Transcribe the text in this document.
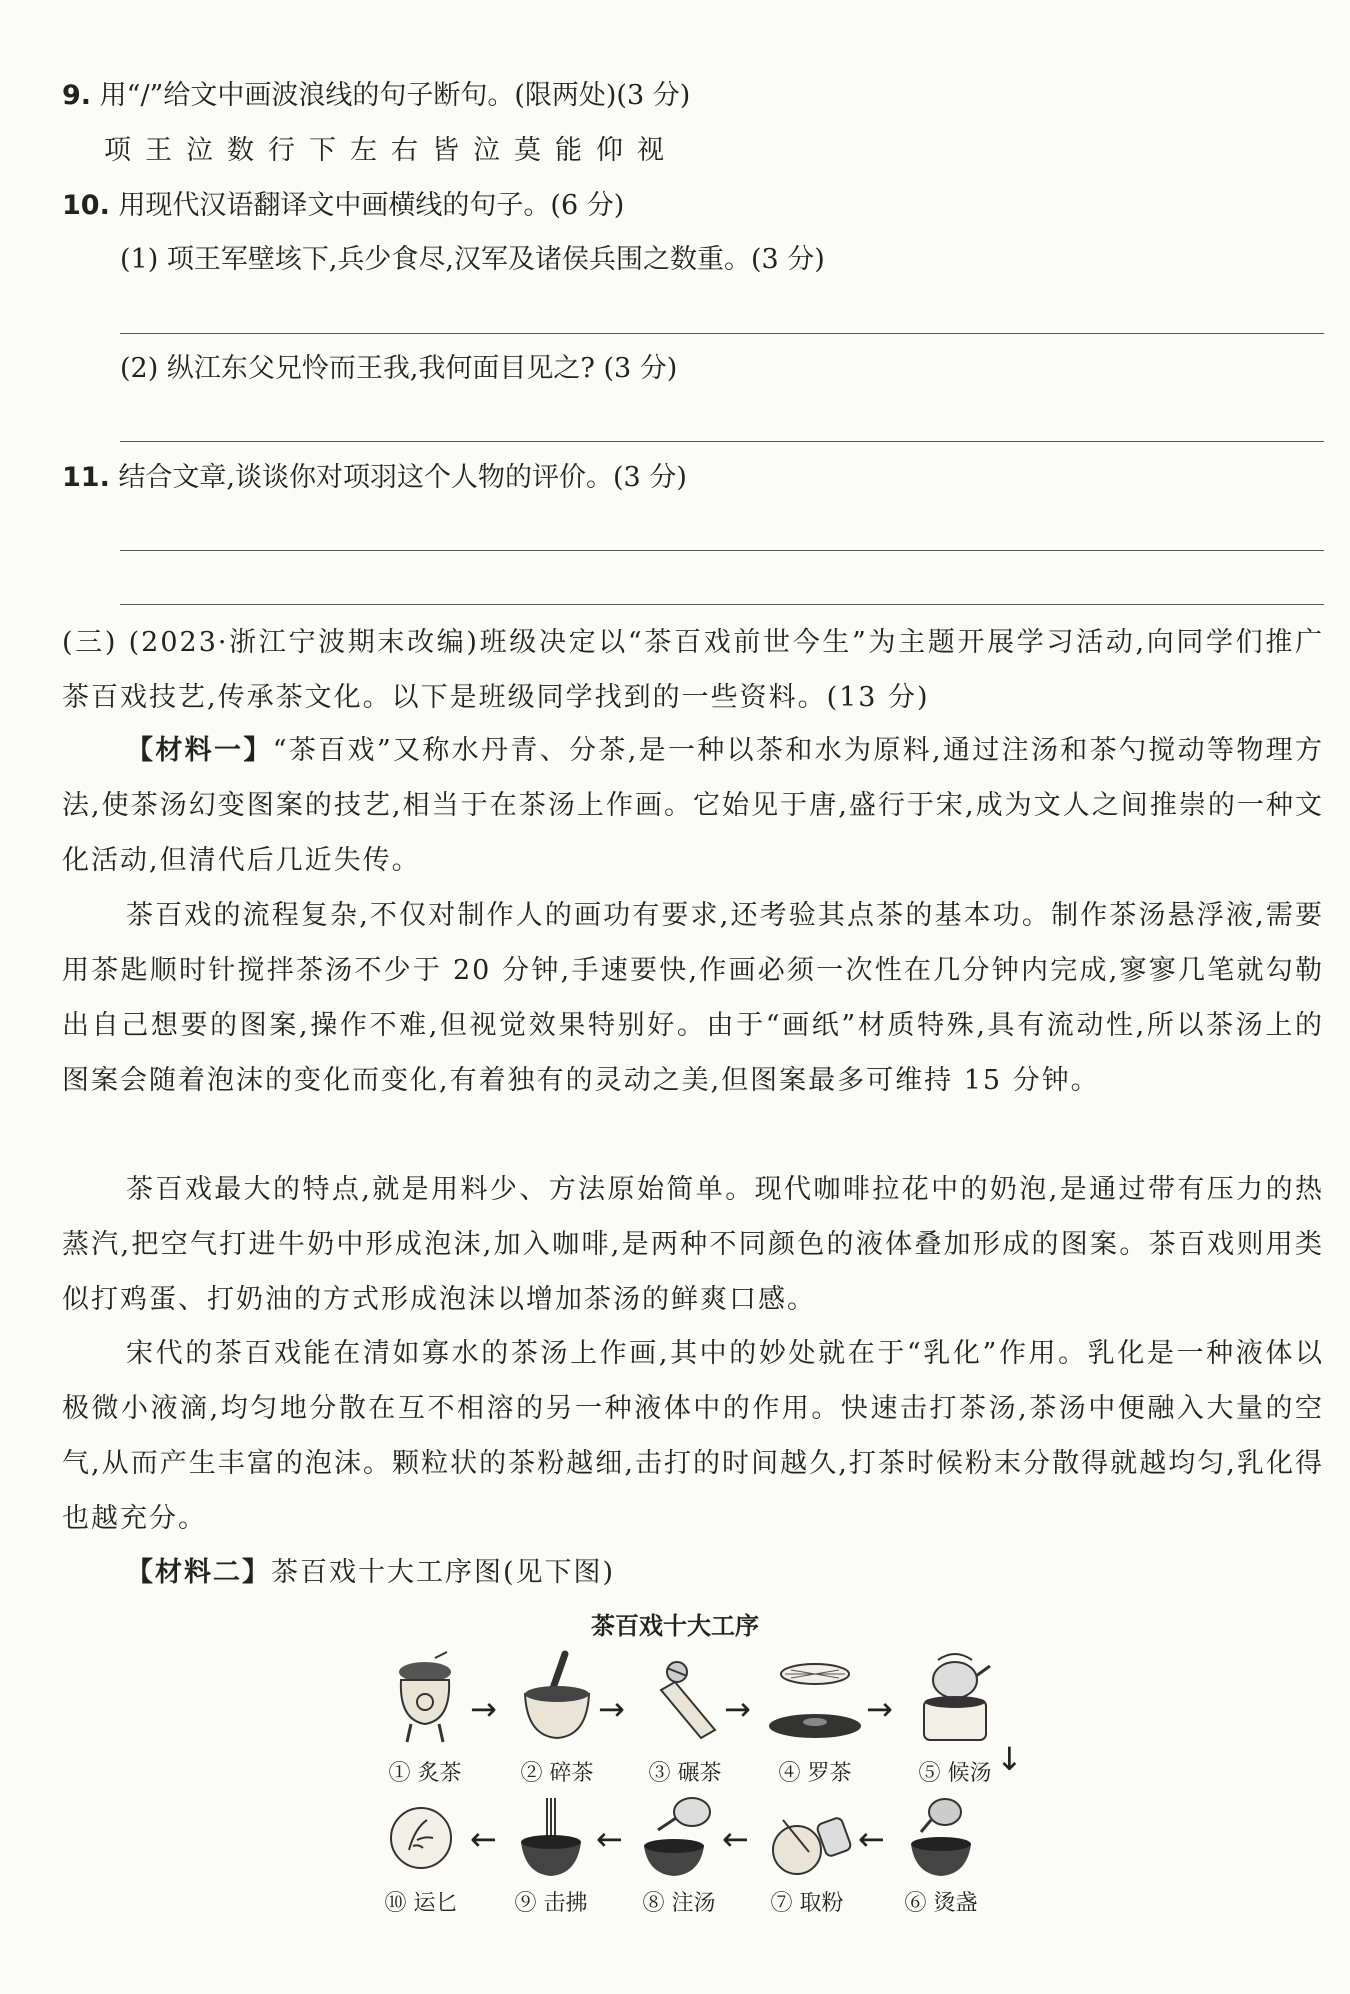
9. 用“/”给文中画波浪线的句子断句。(限两处)(3 分)
项王泣数行下左右皆泣莫能仰视
10. 用现代汉语翻译文中画横线的句子。(6 分)
(1) 项王军壁垓下,兵少食尽,汉军及诸侯兵围之数重。(3 分)
(2) 纵江东父兄怜而王我,我何面目见之? (3 分)
11. 结合文章,谈谈你对项羽这个人物的评价。(3 分)
(三) (2023·浙江宁波期末改编)班级决定以“茶百戏前世今生”为主题开展学习活动,向同学们推广茶百戏技艺,传承茶文化。以下是班级同学找到的一些资料。(13 分)
【材料一】“茶百戏”又称水丹青、分茶,是一种以茶和水为原料,通过注汤和茶勺搅动等物理方法,使茶汤幻变图案的技艺,相当于在茶汤上作画。它始见于唐,盛行于宋,成为文人之间推崇的一种文化活动,但清代后几近失传。
茶百戏的流程复杂,不仅对制作人的画功有要求,还考验其点茶的基本功。制作茶汤悬浮液,需要用茶匙顺时针搅拌茶汤不少于 20 分钟,手速要快,作画必须一次性在几分钟内完成,寥寥几笔就勾勒出自己想要的图案,操作不难,但视觉效果特别好。由于“画纸”材质特殊,具有流动性,所以茶汤上的图案会随着泡沫的变化而变化,有着独有的灵动之美,但图案最多可维持 15 分钟。
茶百戏最大的特点,就是用料少、方法原始简单。现代咖啡拉花中的奶泡,是通过带有压力的热蒸汽,把空气打进牛奶中形成泡沫,加入咖啡,是两种不同颜色的液体叠加形成的图案。茶百戏则用类似打鸡蛋、打奶油的方式形成泡沫以增加茶汤的鲜爽口感。
宋代的茶百戏能在清如寡水的茶汤上作画,其中的妙处就在于“乳化”作用。乳化是一种液体以极微小液滴,均匀地分散在互不相溶的另一种液体中的作用。快速击打茶汤,茶汤中便融入大量的空气,从而产生丰富的泡沫。颗粒状的茶粉越细,击打的时间越久,打茶时候粉末分散得就越均匀,乳化得也越充分。
【材料二】茶百戏十大工序图(见下图)
茶百戏十大工序
① 炙茶
→
② 碎茶
→
③ 碾茶
→
④ 罗茶
→
⑤ 候汤 ↓
⑥ 烫盏
←
⑦ 取粉
←
⑧ 注汤
←
⑨ 击拂
←
⑩ 运匕
